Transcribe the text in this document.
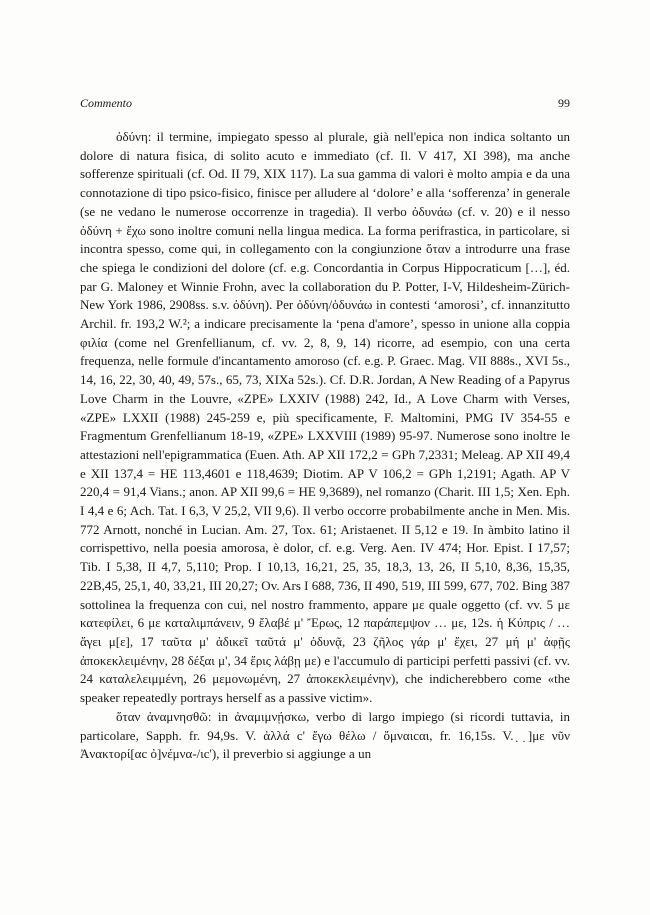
Commento	99

ὀδύνη: il termine, impiegato spesso al plurale, già nell'epica non indica soltanto un dolore di natura fisica, di solito acuto e immediato (cf. Il. V 417, XI 398), ma anche sofferenze spirituali (cf. Od. II 79, XIX 117). La sua gamma di valori è molto ampia e da una connotazione di tipo psico-fisico, finisce per alludere al ‘dolore’ e alla ‘sofferenza’ in generale (se ne vedano le numerose occorrenze in tragedia). Il verbo ὀδυνάω (cf. v. 20) e il nesso ὀδύνη + ἔχω sono inoltre comuni nella lingua medica. La forma perifrastica, in particolare, si incontra spesso, come qui, in collegamento con la congiunzione ὅταν a introdurre una frase che spiega le condizioni del dolore (cf. e.g. Concordantia in Corpus Hippocraticum […], éd. par G. Maloney et Winnie Frohn, avec la collaboration du P. Potter, I-V, Hildesheim-Zürich-New York 1986, 2908ss. s.v. ὀδύνη). Per ὀδύνη/ὀδυνάω in contesti ‘amorosi’, cf. innanzitutto Archil. fr. 193,2 W.²; a indicare precisamente la ‘pena d'amore’, spesso in unione alla coppia φιλία (come nel Grenfellianum, cf. vv. 2, 8, 9, 14) ricorre, ad esempio, con una certa frequenza, nelle formule d'incantamento amoroso (cf. e.g. P. Graec. Mag. VII 888s., XVI 5s., 14, 16, 22, 30, 40, 49, 57s., 65, 73, XIXa 52s.). Cf. D.R. Jordan, A New Reading of a Papyrus Love Charm in the Louvre, «ZPE» LXXIV (1988) 242, Id., A Love Charm with Verses, «ZPE» LXXII (1988) 245-259 e, più specificamente, F. Maltomini, PMG IV 354-55 e Fragmentum Grenfellianum 18-19, «ZPE» LXXVIII (1989) 95-97. Numerose sono inoltre le attestazioni nell'epigrammatica (Euen. Ath. AP XII 172,2 = GPh 7,2331; Meleag. AP XII 49,4 e XII 137,4 = HE 113,4601 e 118,4639; Diotim. AP V 106,2 = GPh 1,2191; Agath. AP V 220,4 = 91,4 Vians.; anon. AP XII 99,6 = HE 9,3689), nel romanzo (Charit. III 1,5; Xen. Eph. I 4,4 e 6; Ach. Tat. I 6,3, V 25,2, VII 9,6). Il verbo occorre probabilmente anche in Men. Mis. 772 Arnott, nonché in Lucian. Am. 27, Tox. 61; Aristaenet. II 5,12 e 19. In àmbito latino il corrispettivo, nella poesia amorosa, è dolor, cf. e.g. Verg. Aen. IV 474; Hor. Epist. I 17,57; Tib. I 5,38, II 4,7, 5,110; Prop. I 10,13, 16,21, 25, 35, 18,3, 13, 26, II 5,10, 8,36, 15,35, 22B,45, 25,1, 40, 33,21, III 20,27; Ov. Ars I 688, 736, II 490, 519, III 599, 677, 702. Bing 387 sottolinea la frequenza con cui, nel nostro frammento, appare με quale oggetto (cf. vv. 5 με κατεφίλει, 6 με καταλιμπάνειν, 9 ἔλαβέ μ' Ἔρως, 12 παράπεμψον … με, 12s. ἡ Κύπρις / … ἄγει μ[ε], 17 ταῦτα μ' ἀδικεῖ ταῦτά μ' ὀδυνᾷ, 23 ζῆλος γάρ μ' ἔχει, 27 μή μ' ἀφῇς ἀποκεκλειμένην, 28 δέξαι μ', 34 ἔρις λάβῃ με) e l'accumulo di participi perfetti passivi (cf. vv. 24 καταλελειμμένη, 26 μεμονωμένη, 27 ἀποκεκλειμένην), che indicherebbero come «the speaker repeatedly portrays herself as a passive victim».

ὅταν ἀναμνησθῶ: in ἀναμιμνῄσκω, verbo di largo impiego (si ricordi tuttavia, in particolare, Sapph. fr. 94,9s. V. ἀλλά c' ἔγω θέλω / ὄμναιcαι, fr. 16,15s. V. ̣ ̣]με νῦν Ἀνακτορί[αc ὀ]νέμνα-/ιc'), il preverbio si aggiunge a un
